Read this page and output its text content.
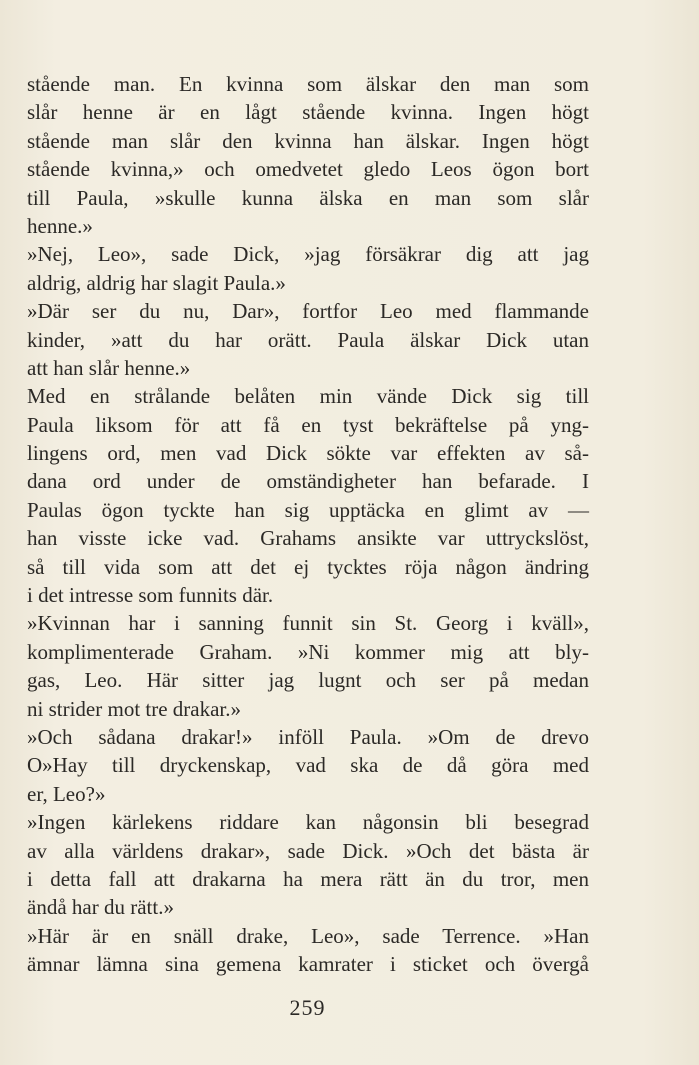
stående man. En kvinna som älskar den man som
slår henne är en lågt stående kvinna. Ingen högt
stående man slår den kvinna han älskar. Ingen högt
stående kvinna,» och omedvetet gledo Leos ögon bort
till Paula, »skulle kunna älska en man som slår
henne.»
»Nej, Leo», sade Dick, »jag försäkrar dig att jag
aldrig, aldrig har slagit Paula.»
»Där ser du nu, Dar», fortfor Leo med flammande
kinder, »att du har orätt. Paula älskar Dick utan
att han slår henne.»
Med en strålande belåten min vände Dick sig till
Paula liksom för att få en tyst bekräftelse på yng-
lingens ord, men vad Dick sökte var effekten av så-
dana ord under de omständigheter han befarade. I
Paulas ögon tyckte han sig upptäcka en glimt av —
han visste icke vad. Grahams ansikte var uttryckslöst,
så till vida som att det ej tycktes röja någon ändring
i det intresse som funnits där.
»Kvinnan har i sanning funnit sin St. Georg i kväll»,
komplimenterade Graham. »Ni kommer mig att bly-
gas, Leo. Här sitter jag lugnt och ser på medan
ni strider mot tre drakar.»
»Och sådana drakar!» inföll Paula. »Om de drevo
O»Hay till dryckenskap, vad ska de då göra med
er, Leo?»
»Ingen kärlekens riddare kan någonsin bli besegrad
av alla världens drakar», sade Dick. »Och det bästa är
i detta fall att drakarna ha mera rätt än du tror, men
ändå har du rätt.»
»Här är en snäll drake, Leo», sade Terrence. »Han
ämnar lämna sina gemena kamrater i sticket och övergå
259
